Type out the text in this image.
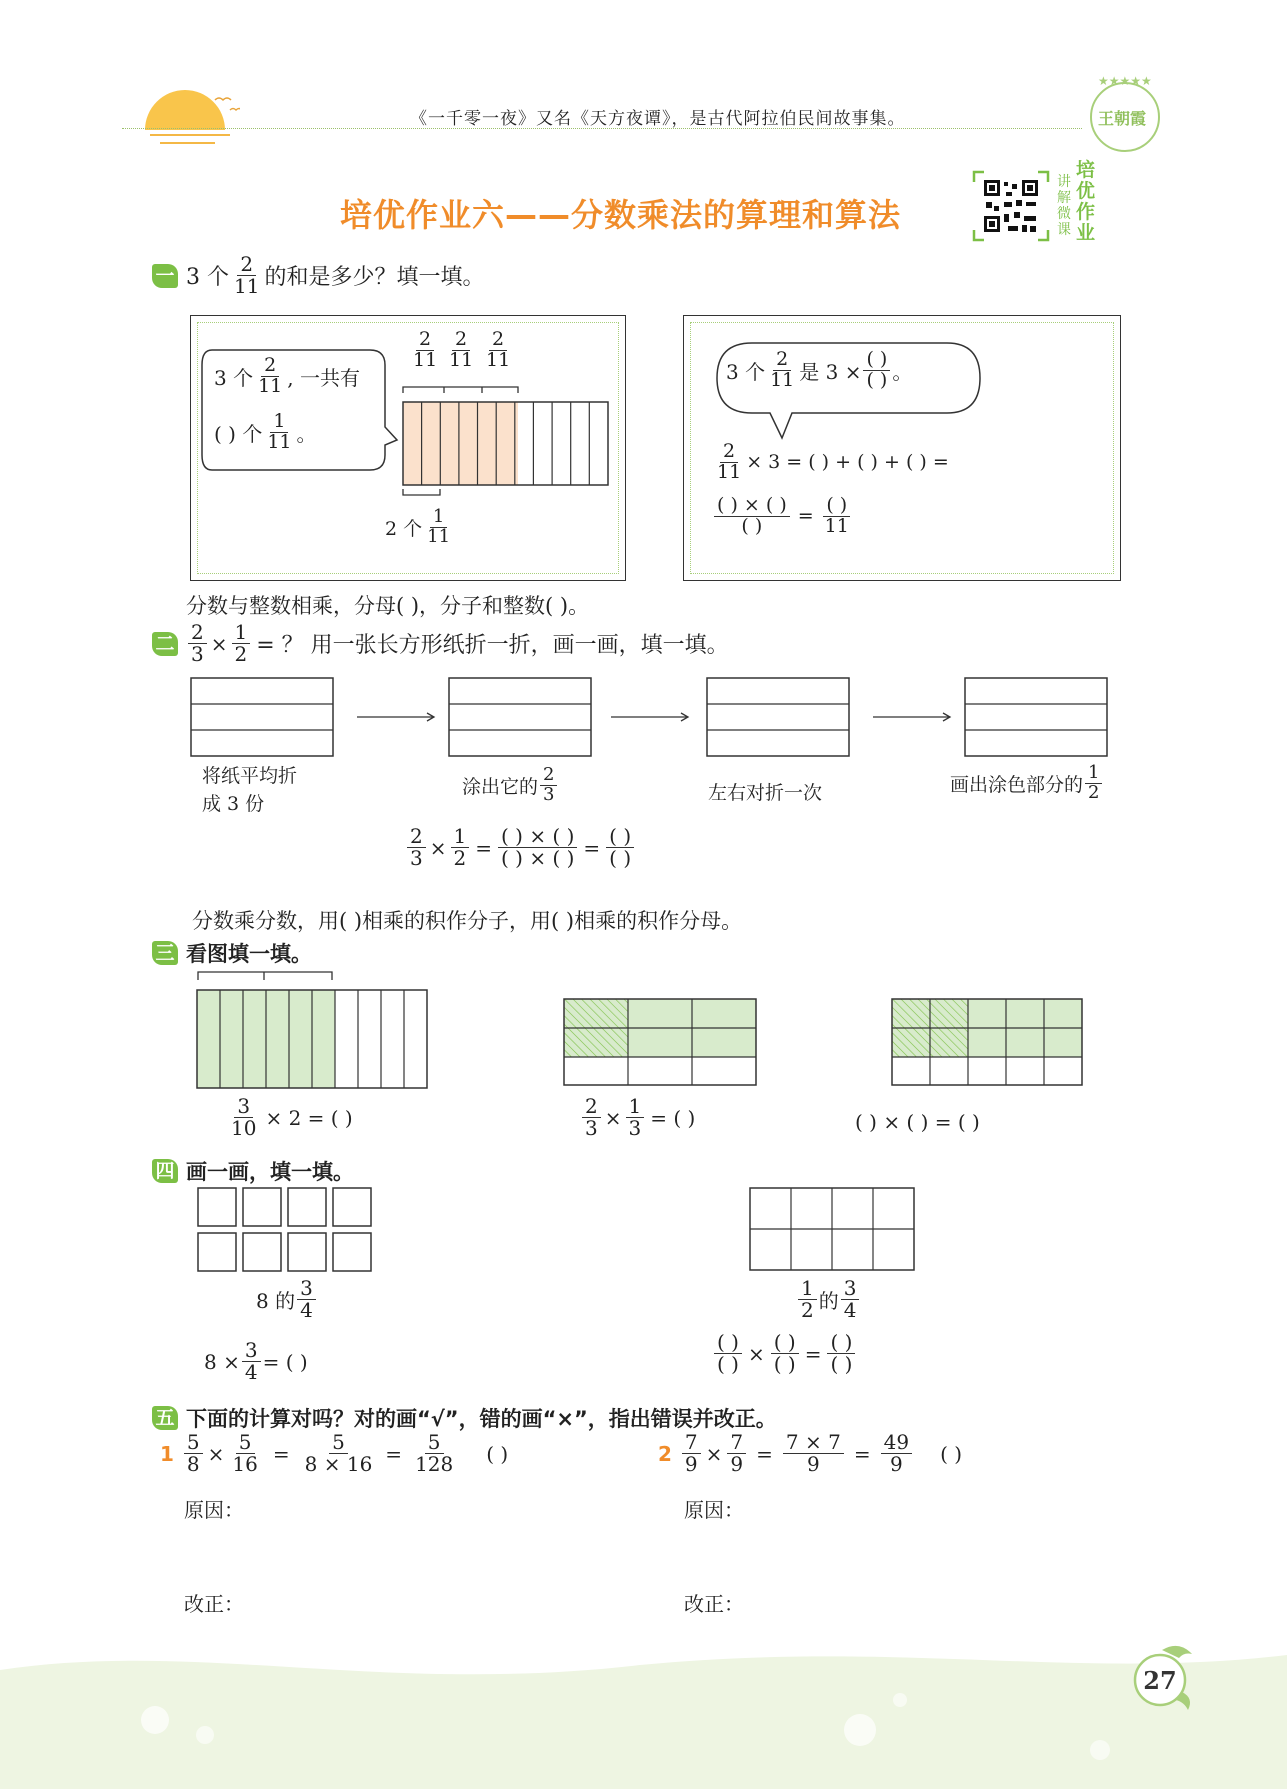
《一千零一夜》又名《天方夜谭》，是古代阿拉伯民间故事集。
★★★★★
王朝霞
培优作业六——分数乘法的算理和算法
讲解微课
培优作业
一 3 个 $\frac{2}{11}$ 的和是多少？填一填。
3 个 $\frac{2}{11}$ , 一共有
( ) 个 $\frac{1}{11}$ 。
$\frac{2}{11} \frac{2}{11} \frac{2}{11}$
2 个 $\frac{1}{11}$
3 个 $\frac{2}{11}$ 是 $3 \times \frac{( )}{( )}$ 。
$\frac{2}{11} \times 3$ = ( ) + ( ) + ( ) =
$\frac{( ) \times ( )}{( )} = \frac{( )}{11}$
分数与整数相乘，分母( )，分子和整数( )。
二 $\frac{2}{3} \times \frac{1}{2}$ = ？ 用一张长方形纸折一折，画一画，填一填。
将纸平均折
成 3 份
涂出它的 $\frac{2}{3}$	左右对折一次	画出涂色部分的 $\frac{1}{2}$
$\frac{2}{3} \times \frac{1}{2} = \frac{( ) \times ( )}{( ) \times ( )} = \frac{( )}{( )}$
分数乘分数，用( )相乘的积作分子，用( )相乘的积作分母。
三 看图填一填。
$\frac{3}{10} \times 2$ = ( )	$\frac{2}{3} \times \frac{1}{3}$ = ( )	( ) × ( ) = ( )
四 画一画，填一填。
8 的 $\frac{3}{4}$	$\frac{1}{2}$ 的 $\frac{3}{4}$
$8 \times \frac{3}{4}$ = ( )	$\frac{( )}{( )} \times \frac{( )}{( )} = \frac{( )}{( )}$
五 下面的计算对吗？对的画“√”，错的画“×”，指出错误并改正。
$1 \frac{5}{8} \times \frac{5}{16} = \frac{5}{8 \times 16} = \frac{5}{128}$ ( )	$2 \frac{7}{9} \times \frac{7}{9} = \frac{7 \times 7}{9} = \frac{49}{9}$ ( )
原因：	原因：
改正：	改正：
27
